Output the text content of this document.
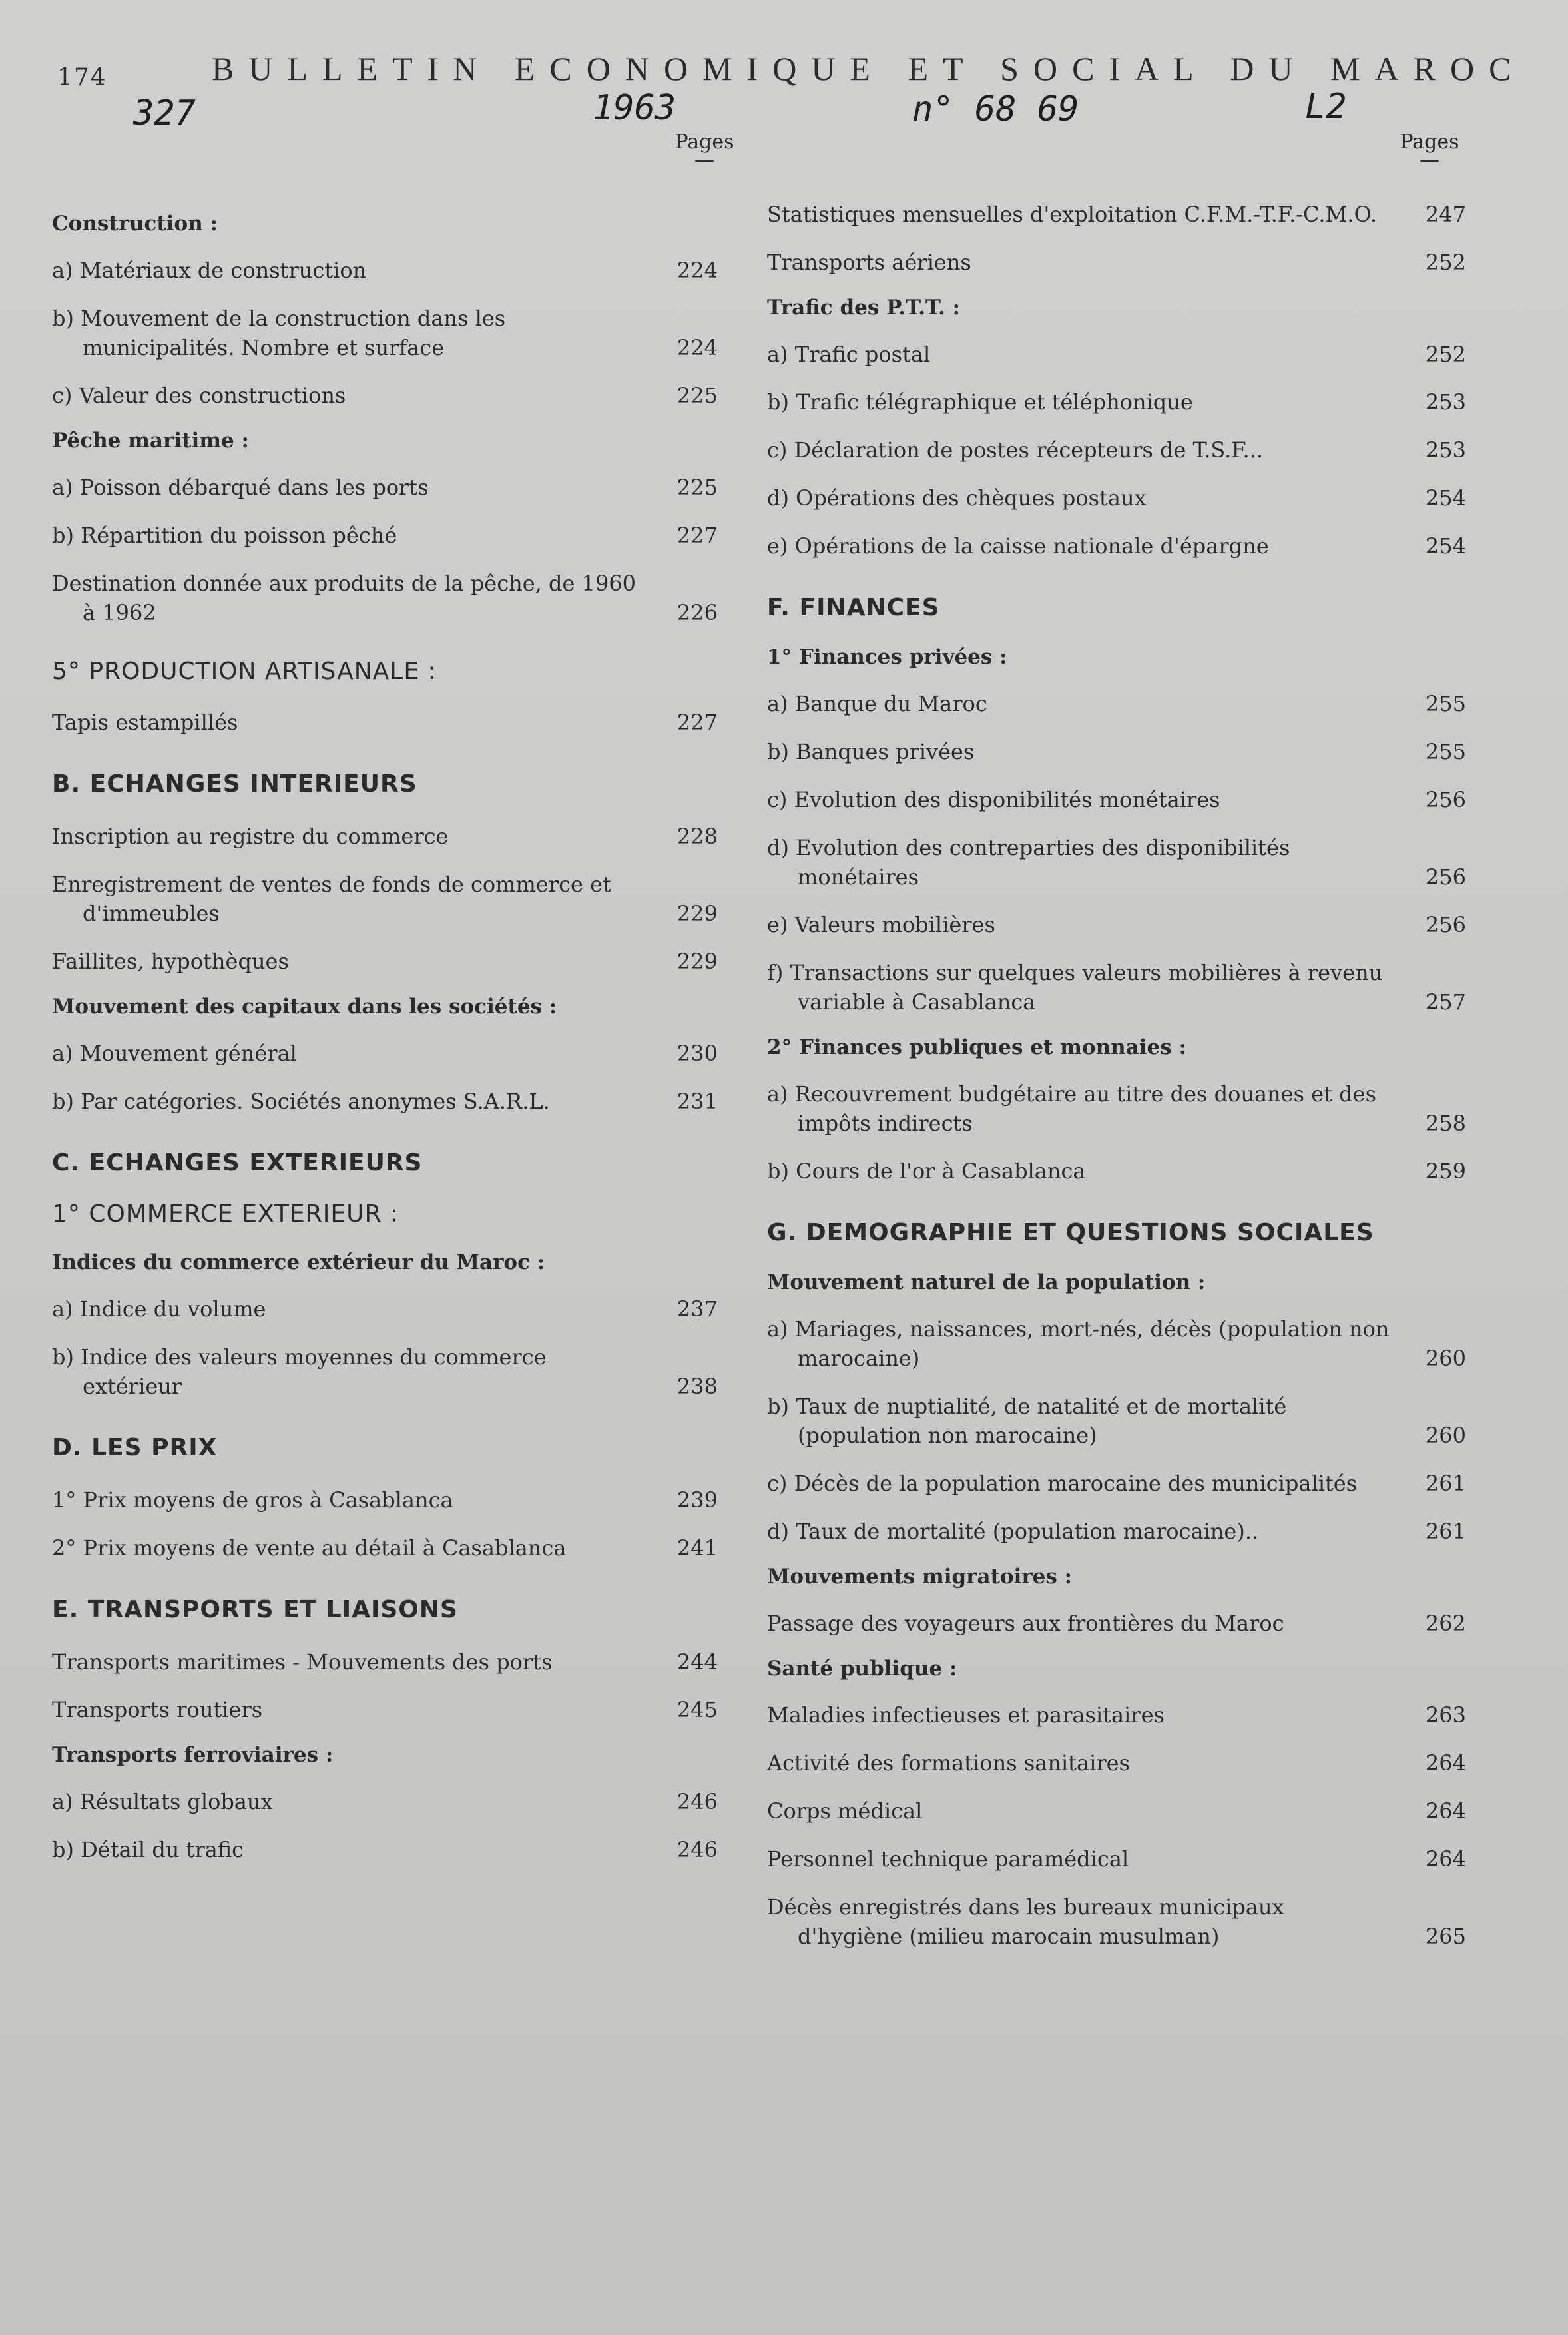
174	BULLETIN ECONOMIQUE ET SOCIAL DU MAROC
327	1963	n° 68 69	L2
Pages
—
Pages
—
Construction :
a) Matériaux de construction	224
b) Mouvement de la construction dans les municipalités. Nombre et surface	224
c) Valeur des constructions	225
Pêche maritime :
a) Poisson débarqué dans les ports	225
b) Répartition du poisson pêché	227
Destination donnée aux produits de la pêche, de 1960 à 1962	226
5° PRODUCTION ARTISANALE :
Tapis estampillés	227
B. ECHANGES INTERIEURS
Inscription au registre du commerce	228
Enregistrement de ventes de fonds de commerce et d'immeubles	229
Faillites, hypothèques	229
Mouvement des capitaux dans les sociétés :
a) Mouvement général	230
b) Par catégories. Sociétés anonymes S.A.R.L.	231
C. ECHANGES EXTERIEURS
1° COMMERCE EXTERIEUR :
Indices du commerce extérieur du Maroc :
a) Indice du volume	237
b) Indice des valeurs moyennes du commerce extérieur	238
D. LES PRIX
1° Prix moyens de gros à Casablanca	239
2° Prix moyens de vente au détail à Casablanca	241
E. TRANSPORTS ET LIAISONS
Transports maritimes - Mouvements des ports	244
Transports routiers	245
Transports ferroviaires :
a) Résultats globaux	246
b) Détail du trafic	246
Statistiques mensuelles d'exploitation C.F.M.-T.F.-C.M.O.	247
Transports aériens	252
Trafic des P.T.T. :
a) Trafic postal	252
b) Trafic télégraphique et téléphonique	253
c) Déclaration de postes récepteurs de T.S.F...	253
d) Opérations des chèques postaux	254
e) Opérations de la caisse nationale d'épargne	254
F. FINANCES
1° Finances privées :
a) Banque du Maroc	255
b) Banques privées	255
c) Evolution des disponibilités monétaires	256
d) Evolution des contreparties des disponibilités monétaires	256
e) Valeurs mobilières	256
f) Transactions sur quelques valeurs mobilières à revenu variable à Casablanca	257
2° Finances publiques et monnaies :
a) Recouvrement budgétaire au titre des douanes et des impôts indirects	258
b) Cours de l'or à Casablanca	259
G. DEMOGRAPHIE ET QUESTIONS SOCIALES
Mouvement naturel de la population :
a) Mariages, naissances, mort-nés, décès (population non marocaine)	260
b) Taux de nuptialité, de natalité et de mortalité (population non marocaine)	260
c) Décès de la population marocaine des municipalités	261
d) Taux de mortalité (population marocaine)..	261
Mouvements migratoires :
Passage des voyageurs aux frontières du Maroc	262
Santé publique :
Maladies infectieuses et parasitaires	263
Activité des formations sanitaires	264
Corps médical	264
Personnel technique paramédical	264
Décès enregistrés dans les bureaux municipaux d'hygiène (milieu marocain musulman)	265
